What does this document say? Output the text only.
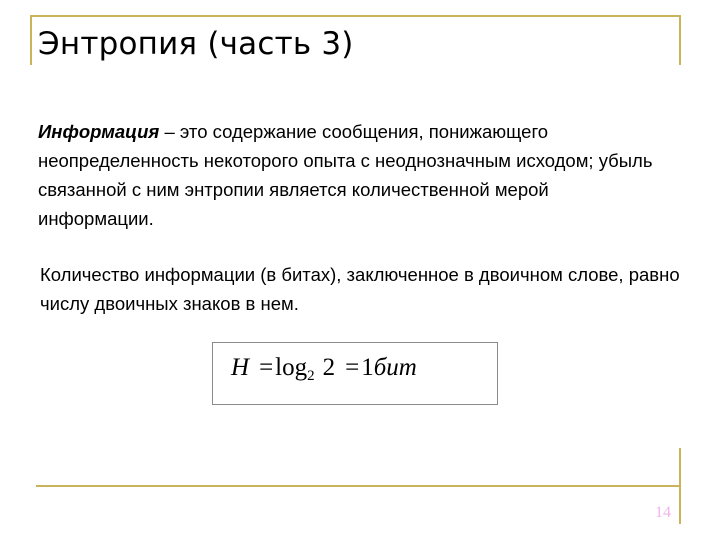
Энтропия (часть 3)
Информация – это содержание сообщения, понижающего неопределенность некоторого опыта с неоднозначным исходом; убыль связанной с ним энтропии является количественной мерой информации.
Количество информации (в битах), заключенное в двоичном слове, равно числу двоичных знаков в нем.
$H =\log_2$ 2 =1бит
14
